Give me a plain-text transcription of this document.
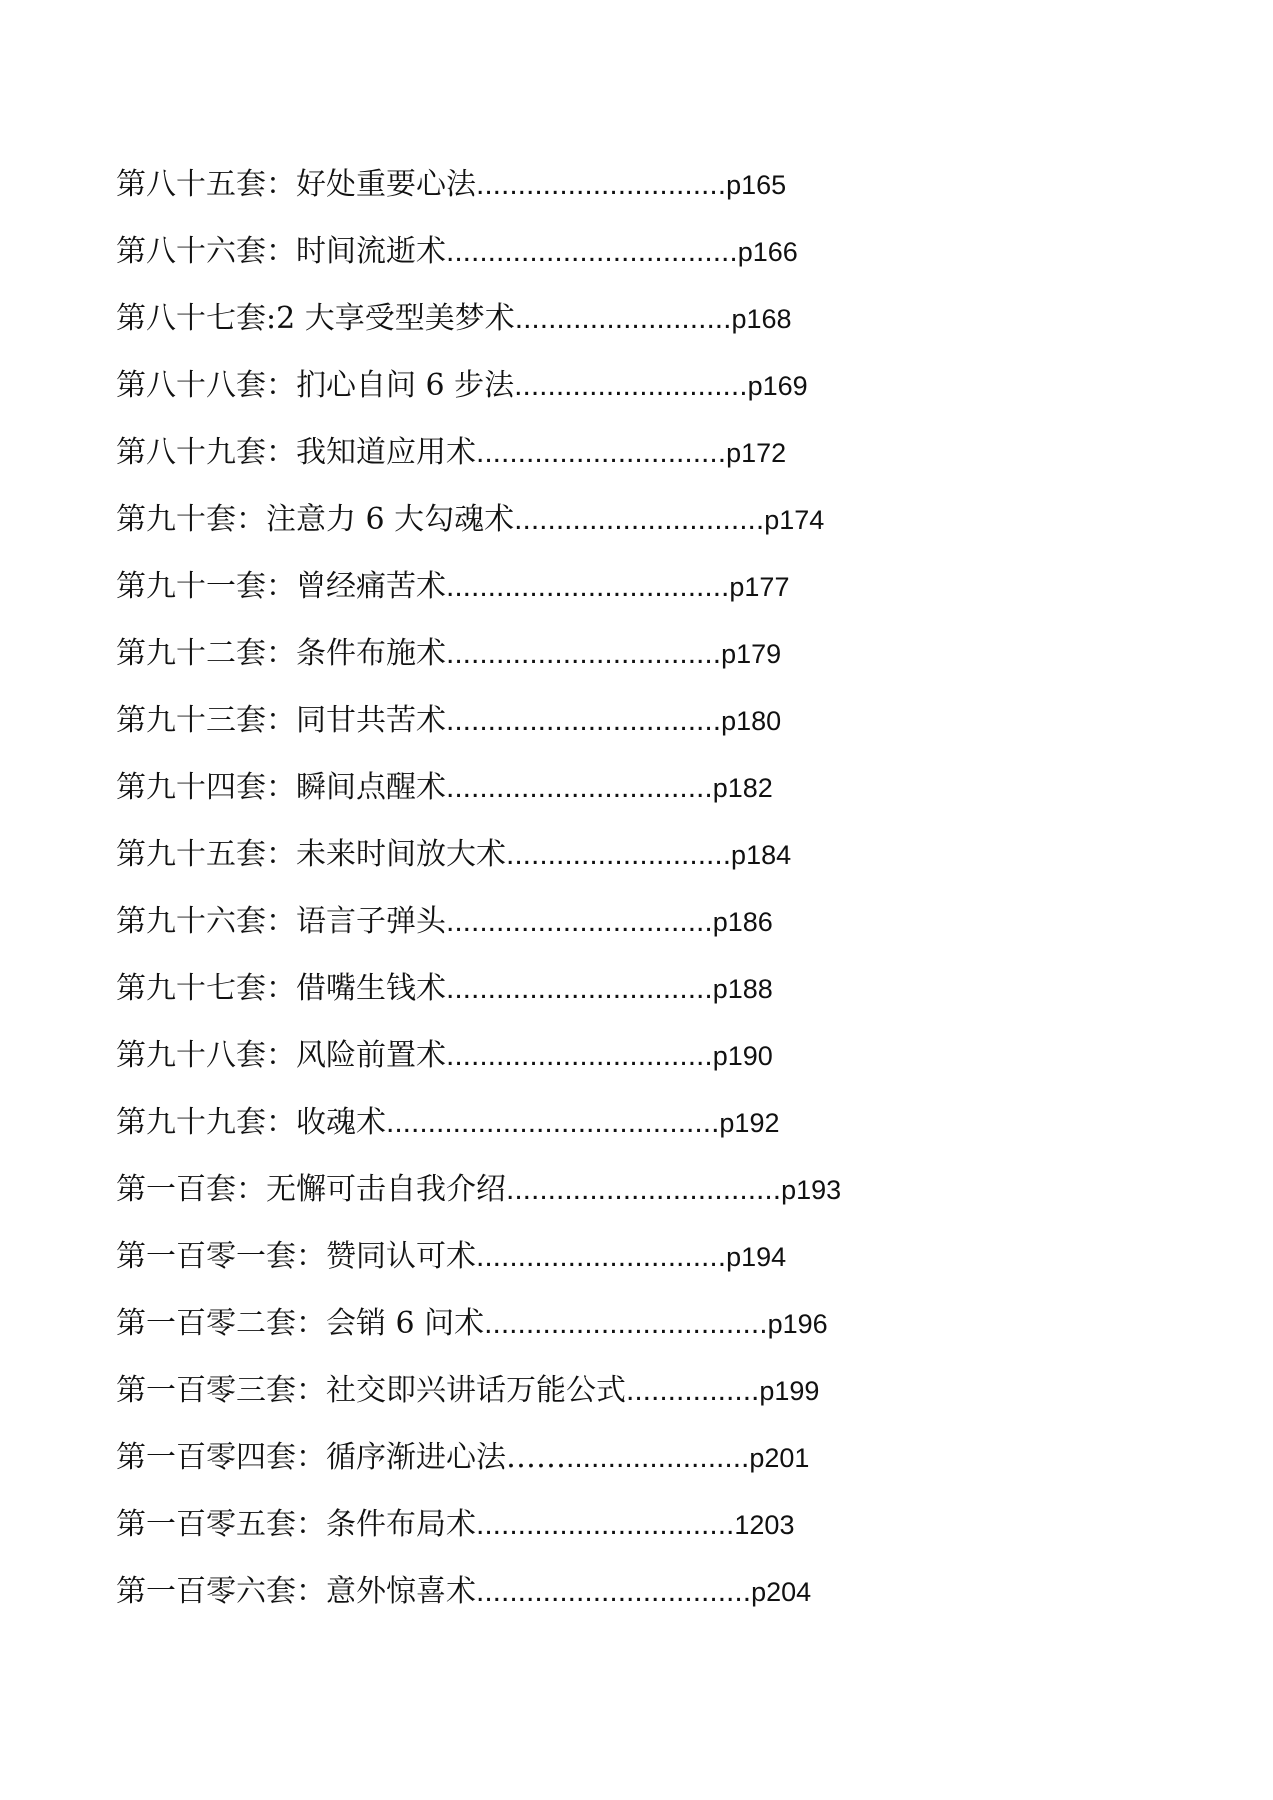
第八十五套：好处重要心法..............................p165
第八十六套：时间流逝术...................................p166
第八十七套:2 大享受型美梦术..........................p168
第八十八套：扪心自问 6 步法............................p169
第八十九套：我知道应用术..............................p172
第九十套：注意力 6 大勾魂术..............................p174
第九十一套：曾经痛苦术..................................p177
第九十二套：条件布施术.................................p179
第九十三套：同甘共苦术.................................p180
第九十四套：瞬间点醒术................................p182
第九十五套：未来时间放大术...........................p184
第九十六套：语言子弹头................................p186
第九十七套：借嘴生钱术................................p188
第九十八套：风险前置术................................p190
第九十九套：收魂术........................................p192
第一百套：无懈可击自我介绍.................................p193
第一百零一套：赞同认可术..............................p194
第一百零二套：会销 6 问术..................................p196
第一百零三套：社交即兴讲话万能公式................p199
第一百零四套：循序渐进心法……......................p201
第一百零五套：条件布局术...............................1203
第一百零六套：意外惊喜术.................................p204
